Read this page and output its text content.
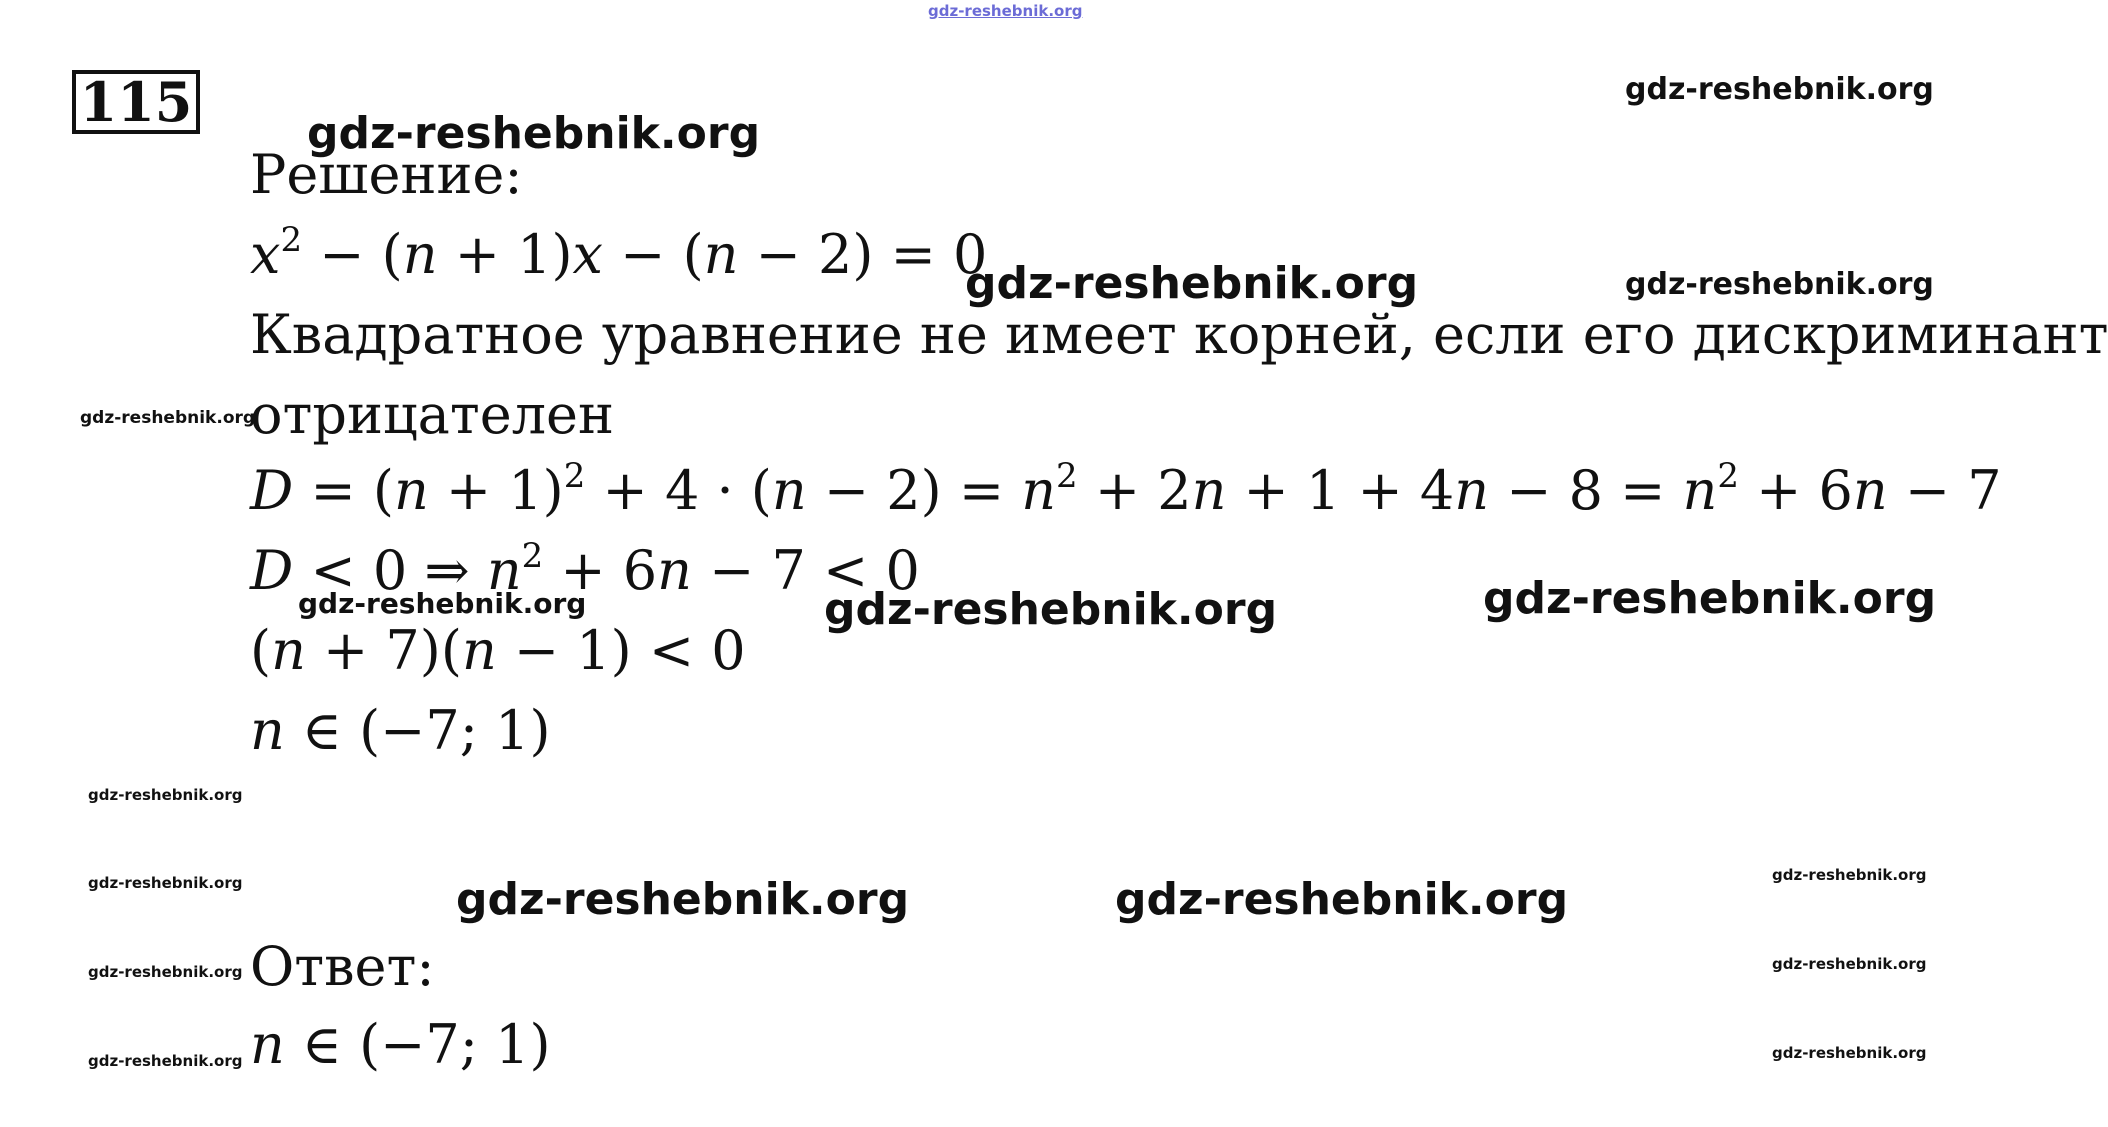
gdz-reshebnik.org
115	gdz-reshebnik.org
gdz-reshebnik.org
gdz-reshebnik.org	gdz-reshebnik.org
gdz-reshebnik.org
gdz-reshebnik.org	gdz-reshebnik.org	gdz-reshebnik.org
gdz-reshebnik.org
gdz-reshebnik.org
gdz-reshebnik.org
gdz-reshebnik.org
gdz-reshebnik.org
gdz-reshebnik.org
gdz-reshebnik.org
gdz-reshebnik.org	gdz-reshebnik.org
Решение:
$x^2 - (n + 1)x - (n - 2) = 0$
Квадратное уравнение не имеет корней, если его дискриминант
отрицателен
$D = (n + 1)^2 + 4 \cdot (n - 2) = n^2 + 2n + 1 + 4n - 8 = n^2 + 6n - 7$
D < 0 ⇒ $n^2 + 6n - 7 < 0$
(n + 7)(n − 1) < 0
n ∈ (−7; 1)
Ответ:
n ∈ (−7; 1)
